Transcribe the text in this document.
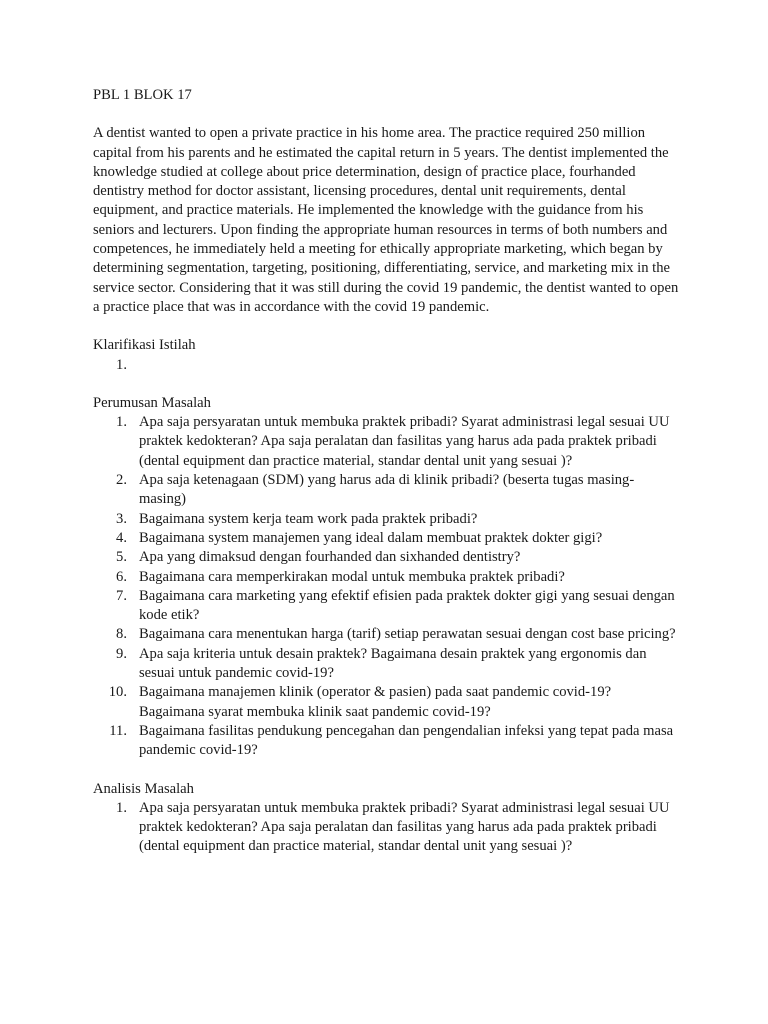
PBL 1 BLOK 17
A dentist wanted to open a private practice in his home area. The practice required 250 million capital from his parents and he estimated the capital return in 5 years. The dentist implemented the knowledge studied at college about price determination, design of practice place, fourhanded dentistry method for doctor assistant, licensing procedures, dental unit requirements, dental equipment, and practice materials. He implemented the knowledge with the guidance from his seniors and lecturers. Upon finding the appropriate human resources in terms of both numbers and competences, he immediately held a meeting for ethically appropriate marketing, which began by determining segmentation, targeting, positioning, differentiating, service, and marketing mix in the service sector. Considering that it was still during the covid 19 pandemic, the dentist wanted to open a practice place that was in accordance with the covid 19 pandemic.
Klarifikasi Istilah
1.
Perumusan Masalah
1. Apa saja persyaratan untuk membuka praktek pribadi? Syarat administrasi legal sesuai UU praktek kedokteran? Apa saja peralatan dan fasilitas yang harus ada pada praktek pribadi (dental equipment dan practice material, standar dental unit yang sesuai )?
2. Apa saja ketenagaan (SDM) yang harus ada di klinik pribadi? (beserta tugas masing-masing)
3. Bagaimana system kerja team work pada praktek pribadi?
4. Bagaimana system manajemen yang ideal dalam membuat praktek dokter gigi?
5. Apa yang dimaksud dengan fourhanded dan sixhanded dentistry?
6. Bagaimana cara memperkirakan modal untuk membuka praktek pribadi?
7. Bagaimana cara marketing yang efektif efisien pada praktek dokter gigi yang sesuai dengan kode etik?
8. Bagaimana cara menentukan harga (tarif) setiap perawatan sesuai dengan cost base pricing?
9. Apa saja kriteria untuk desain praktek? Bagaimana desain praktek yang ergonomis dan sesuai untuk pandemic covid-19?
10. Bagaimana manajemen klinik (operator & pasien) pada saat pandemic covid-19? Bagaimana syarat membuka klinik saat pandemic covid-19?
11. Bagaimana fasilitas pendukung pencegahan dan pengendalian infeksi yang tepat pada masa pandemic covid-19?
Analisis Masalah
1. Apa saja persyaratan untuk membuka praktek pribadi? Syarat administrasi legal sesuai UU praktek kedokteran? Apa saja peralatan dan fasilitas yang harus ada pada praktek pribadi (dental equipment dan practice material, standar dental unit yang sesuai )?
